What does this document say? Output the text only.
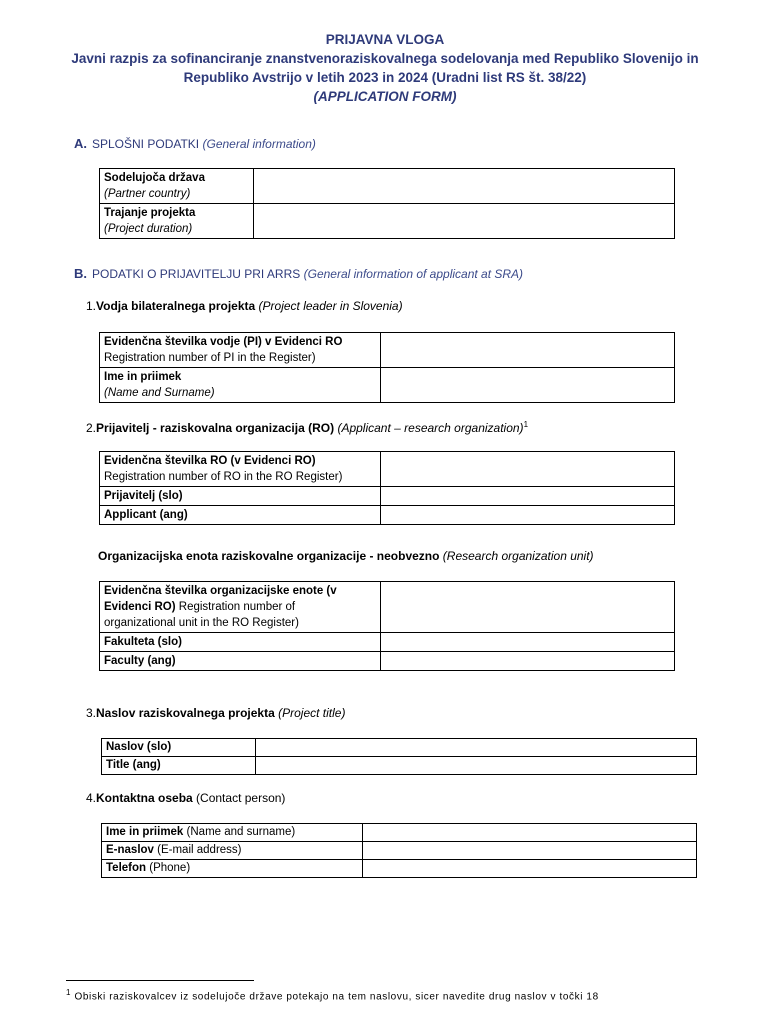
PRIJAVNA VLOGA
Javni razpis za sofinanciranje znanstvenoraziskovalnega sodelovanja med Republiko Slovenijo in
Republiko Avstrijo v letih 2023 in 2024 (Uradni list RS št. 38/22)
(APPLICATION FORM)
A. SPLOŠNI PODATKI (General information)
Sodelujoča država
(Partner country)	

Trajanje projekta
(Project duration)	

B. PODATKI O PRIJAVITELJU PRI ARRS (General information of applicant at SRA)
1.Vodja bilateralnega projekta (Project leader in Slovenia)
Evidenčna številka vodje (PI) v Evidenci RO
Registration number of PI in the Register)	

Ime in priimek
(Name and Surname)	

2.Prijavitelj - raziskovalna organizacija (RO) (Applicant – research organization)$^1$
Evidenčna številka RO (v Evidenci RO)
Registration number of RO in the RO Register)	

Prijavitelj (slo)	
Applicant (ang)	
Organizacijska enota raziskovalne organizacije - neobvezno (Research organization unit)
Evidenčna številka organizacijske enote (v
Evidenci RO) Registration number of
organizational unit in the RO Register)	

Fakulteta (slo)	
Faculty (ang)	
3.Naslov raziskovalnega projekta (Project title)
Naslov (slo)	
Title (ang)	
4.Kontaktna oseba (Contact person)
Ime in priimek (Name and surname)	
E-naslov (E-mail address)	
Telefon (Phone)	
$^1$ Obiski raziskovalcev iz sodelujoče države potekajo na tem naslovu, sicer navedite drug naslov v točki 18
